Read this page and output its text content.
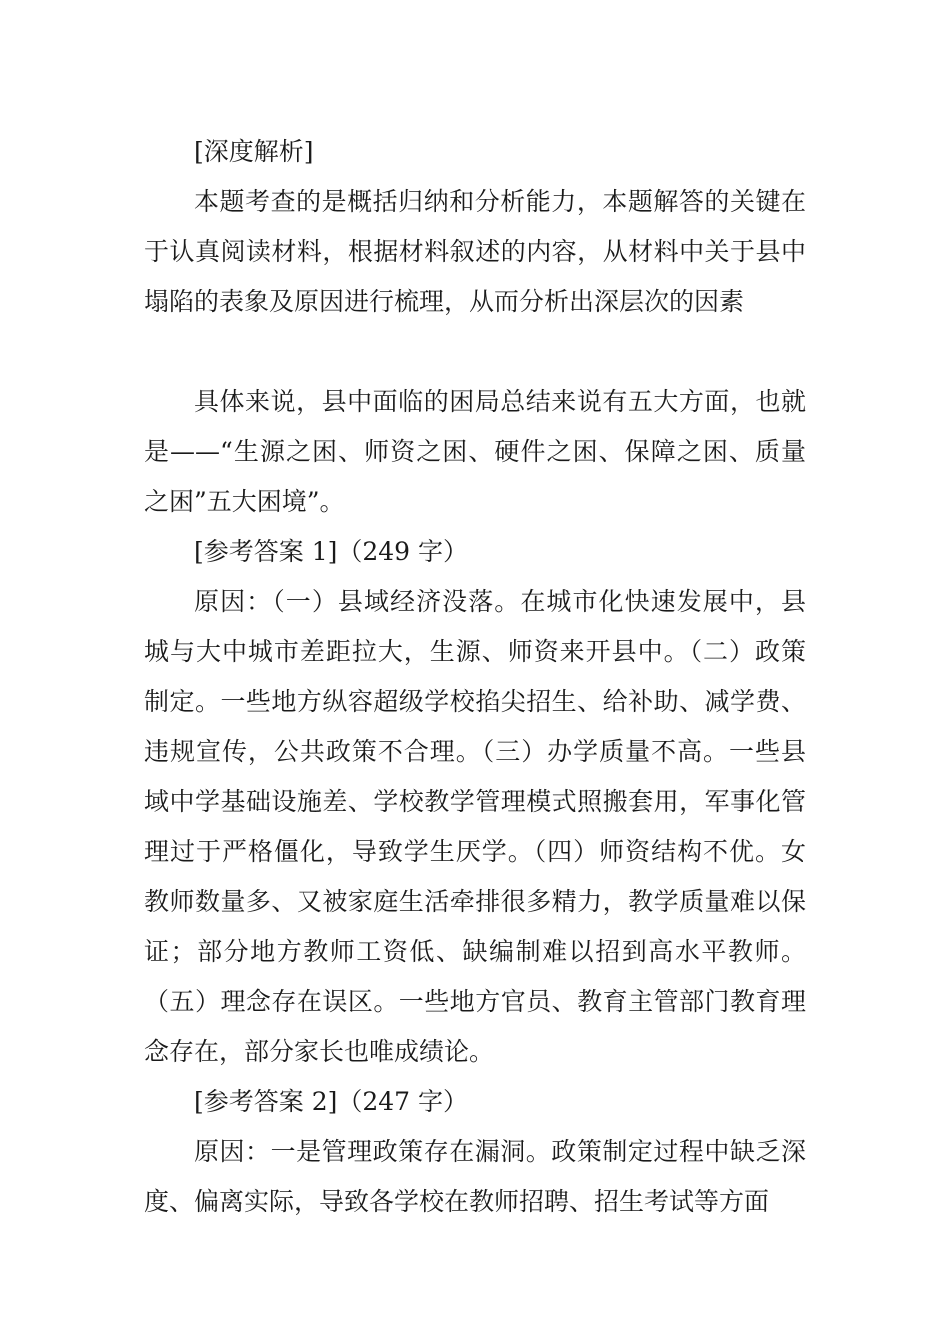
[深度解析]

本题考查的是概括归纳和分析能力，本题解答的关键在于认真阅读材料，根据材料叙述的内容，从材料中关于县中塌陷的表象及原因进行梳理，从而分析出深层次的因素

具体来说，县中面临的困局总结来说有五大方面，也就是——“生源之困、师资之困、硬件之困、保障之困、质量之困”五大困境”。

[参考答案 1]（249 字）

原因：（一）县域经济没落。在城市化快速发展中，县城与大中城市差距拉大，生源、师资来开县中。（二）政策制定。一些地方纵容超级学校掐尖招生、给补助、减学费、违规宣传，公共政策不合理。（三）办学质量不高。一些县域中学基础设施差、学校教学管理模式照搬套用，军事化管理过于严格僵化，导致学生厌学。（四）师资结构不优。女教师数量多、又被家庭生活牵排很多精力，教学质量难以保证；部分地方教师工资低、缺编制难以招到高水平教师。（五）理念存在误区。一些地方官员、教育主管部门教育理念存在，部分家长也唯成绩论。

[参考答案 2]（247 字）

原因：一是管理政策存在漏洞。政策制定过程中缺乏深度、偏离实际，导致各学校在教师招聘、招生考试等方面
